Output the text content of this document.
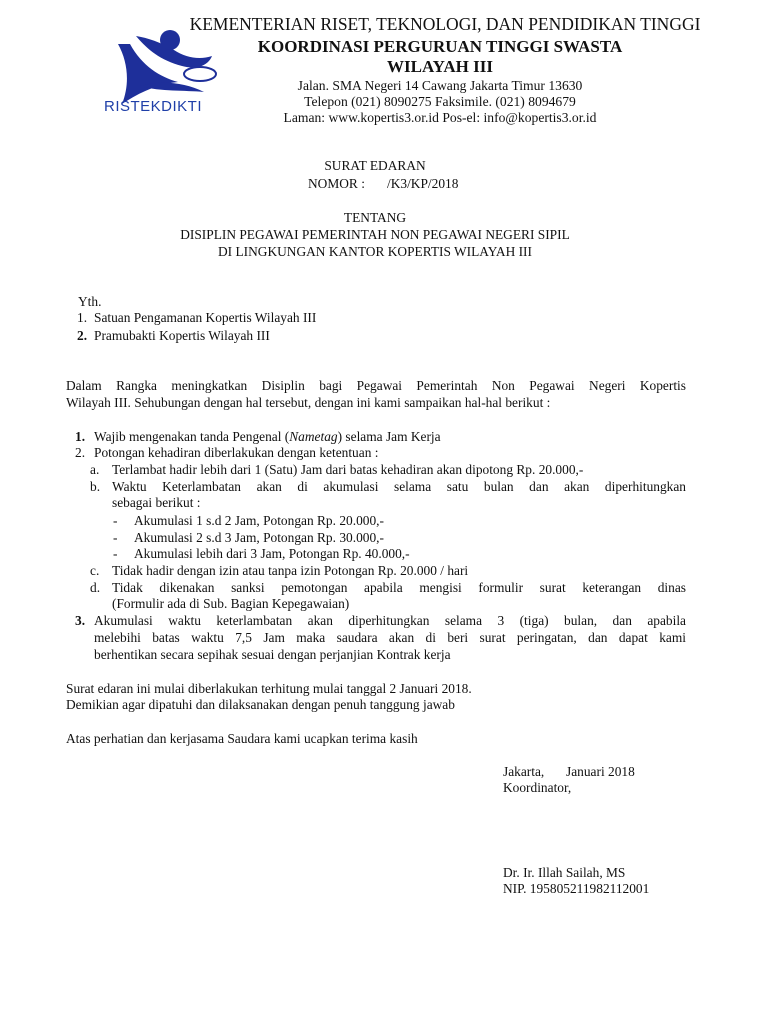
RISTEKDIKTI
KEMENTERIAN RISET, TEKNOLOGI, DAN PENDIDIKAN TINGGI
KOORDINASI PERGURUAN TINGGI SWASTA
WILAYAH III
Jalan. SMA Negeri 14 Cawang Jakarta Timur 13630
Telepon (021) 8090275 Faksimile. (021) 8094679
Laman: www.kopertis3.or.id Pos-el: info@kopertis3.or.id
SURAT EDARAN
NOMOR : /K3/KP/2018
TENTANG
DISIPLIN PEGAWAI PEMERINTAH NON PEGAWAI NEGERI SIPIL
DI LINGKUNGAN KANTOR KOPERTIS WILAYAH III
Yth.
1. Satuan Pengamanan Kopertis Wilayah III
2. Pramubakti Kopertis Wilayah III
Dalam Rangka meningkatkan Disiplin bagi Pegawai Pemerintah Non Pegawai Negeri Kopertis
Wilayah III. Sehubungan dengan hal tersebut, dengan ini kami sampaikan hal-hal berikut :
1. Wajib mengenakan tanda Pengenal (Nametag) selama Jam Kerja
2. Potongan kehadiran diberlakukan dengan ketentuan :
a. Terlambat hadir lebih dari 1 (Satu) Jam dari batas kehadiran akan dipotong Rp. 20.000,-
b. Waktu Keterlambatan akan di akumulasi selama satu bulan dan akan diperhitungkan
sebagai berikut :
- Akumulasi 1 s.d 2 Jam, Potongan Rp. 20.000,-
- Akumulasi 2 s.d 3 Jam, Potongan Rp. 30.000,-
- Akumulasi lebih dari 3 Jam, Potongan Rp. 40.000,-
c. Tidak hadir dengan izin atau tanpa izin Potongan Rp. 20.000 / hari
d. Tidak dikenakan sanksi pemotongan apabila mengisi formulir surat keterangan dinas
(Formulir ada di Sub. Bagian Kepegawaian)
3. Akumulasi waktu keterlambatan akan diperhitungkan selama 3 (tiga) bulan, dan apabila
melebihi batas waktu 7,5 Jam maka saudara akan di beri surat peringatan, dan dapat kami
berhentikan secara sepihak sesuai dengan perjanjian Kontrak kerja
Surat edaran ini mulai diberlakukan terhitung mulai tanggal 2 Januari 2018.
Demikian agar dipatuhi dan dilaksanakan dengan penuh tanggung jawab
Atas perhatian dan kerjasama Saudara kami ucapkan terima kasih
Jakarta, Januari 2018
Koordinator,
Dr. Ir. Illah Sailah, MS
NIP. 195805211982112001
